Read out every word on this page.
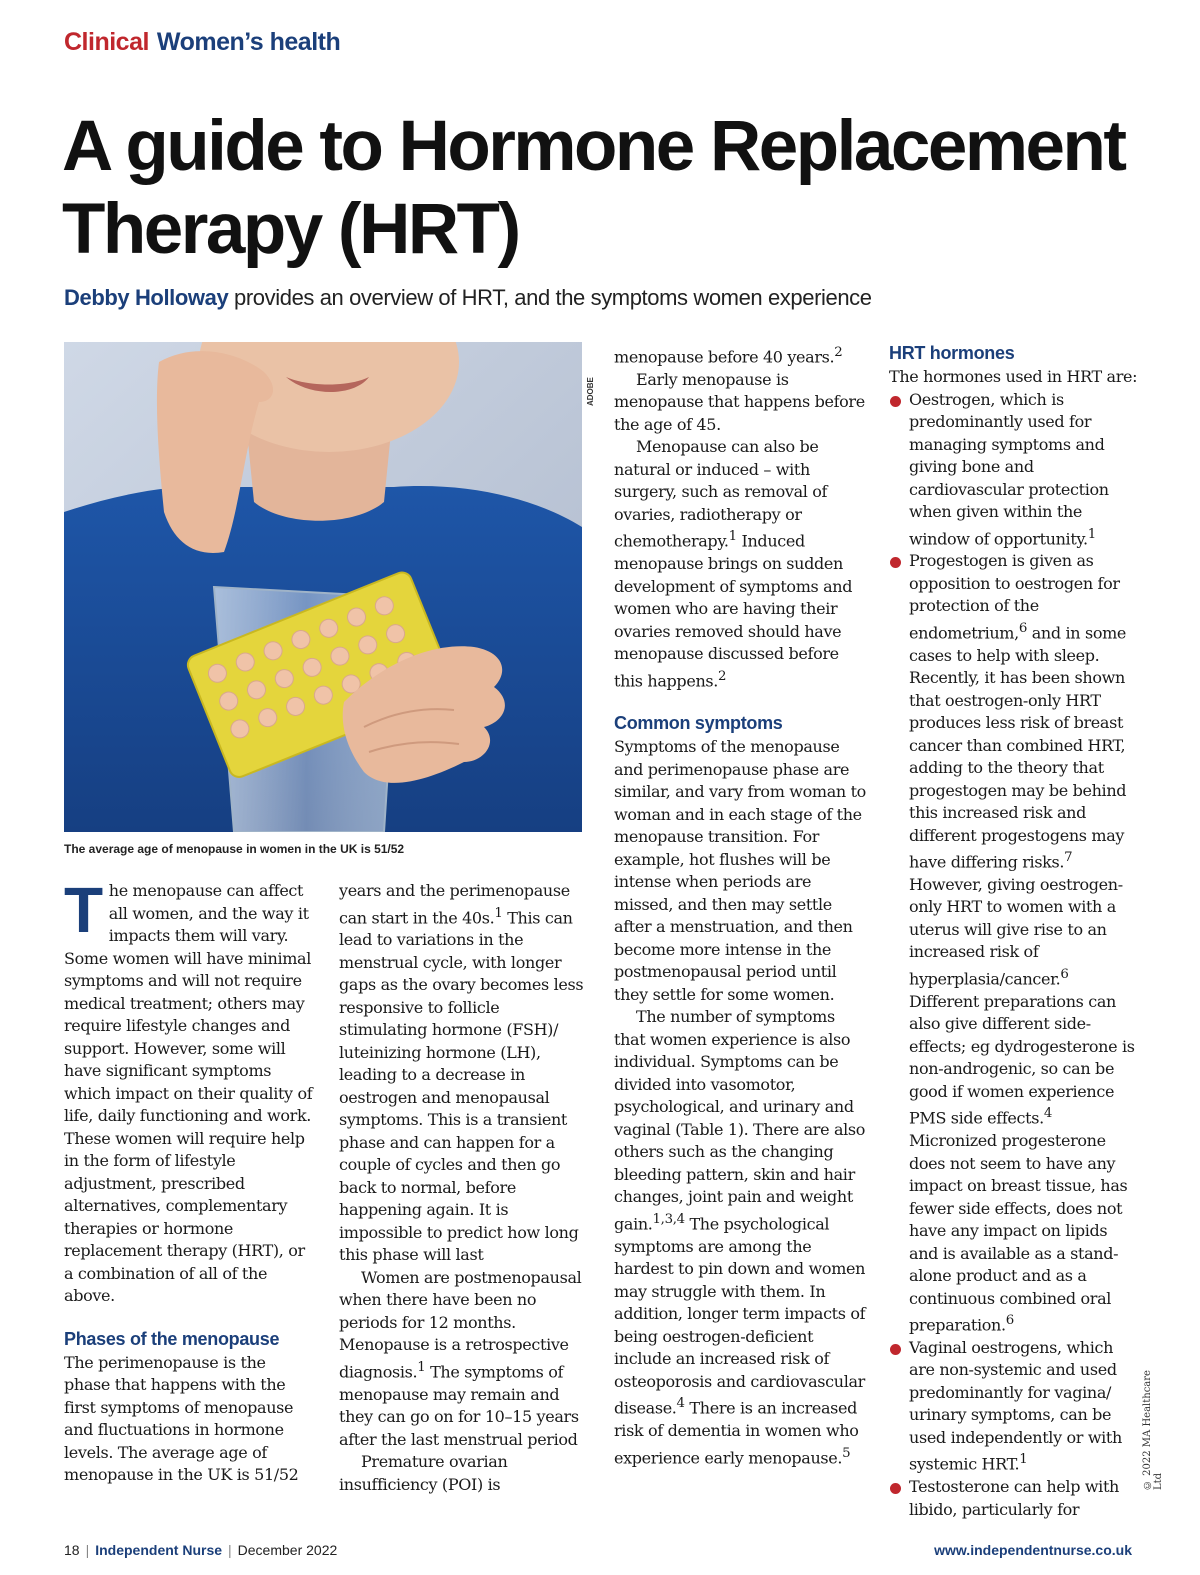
Clinical Women’s health
A guide to Hormone Replacement Therapy (HRT)
Debby Holloway provides an overview of HRT, and the symptoms women experience
ADOBE
The average age of menopause in women in the UK is 51/52

The menopause can affect all women, and the way it impacts them will vary. Some women will have minimal symptoms and will not require medical treatment; others may require lifestyle changes and support. However, some will have significant symptoms which impact on their quality of life, daily functioning and work. These women will require help in the form of lifestyle adjustment, prescribed alternatives, complementary therapies or hormone replacement therapy (HRT), or a combination of all of the above.

Phases of the menopause

The perimenopause is the phase that happens with the first symptoms of menopause and fluctuations in hormone levels. The average age of menopause in the UK is 51/52

years and the perimenopause can start in the 40s.$^1$ This can lead to variations in the menstrual cycle, with longer gaps as the ovary becomes less responsive to follicle stimulating hormone (FSH)/ luteinizing hormone (LH), leading to a decrease in oestrogen and menopausal symptoms. This is a transient phase and can happen for a couple of cycles and then go back to normal, before happening again. It is impossible to predict how long this phase will last

Women are postmenopausal when there have been no periods for 12 months. Menopause is a retrospective diagnosis.$^1$ The symptoms of menopause may remain and they can go on for 10–15 years after the last menstrual period

Premature ovarian insufficiency (POI) is

menopause before 40 years.$^2$

Early menopause is menopause that happens before the age of 45.

Menopause can also be natural or induced – with surgery, such as removal of ovaries, radiotherapy or chemotherapy.$^1$ Induced menopause brings on sudden development of symptoms and women who are having their ovaries removed should have menopause discussed before this happens.$^2$

Common symptoms

Symptoms of the menopause and perimenopause phase are similar, and vary from woman to woman and in each stage of the menopause transition. For example, hot flushes will be intense when periods are missed, and then may settle after a menstruation, and then become more intense in the postmenopausal period until they settle for some women.

The number of symptoms that women experience is also individual. Symptoms can be divided into vasomotor, psychological, and urinary and vaginal (Table 1). There are also others such as the changing bleeding pattern, skin and hair changes, joint pain and weight gain.$^{1,3,4}$ The psychological symptoms are among the hardest to pin down and women may struggle with them. In addition, longer term impacts of being oestrogen-deficient include an increased risk of osteoporosis and cardiovascular disease.$^4$ There is an increased risk of dementia in women who experience early menopause.$^5$

HRT hormones

The hormones used in HRT are:

Oestrogen, which is predominantly used for managing symptoms and giving bone and cardiovascular protection when given within the window of opportunity.$^1$
Progestogen is given as opposition to oestrogen for protection of the endometrium,$^6$ and in some cases to help with sleep. Recently, it has been shown that oestrogen-only HRT produces less risk of breast cancer than combined HRT, adding to the theory that progestogen may be behind this increased risk and different progestogens may have differing risks.$^7$ However, giving oestrogen-only HRT to women with a uterus will give rise to an increased risk of hyperplasia/cancer.$^6$ Different preparations can also give different side-effects; eg dydrogesterone is non-androgenic, so can be good if women experience PMS side effects.$^4$ Micronized progesterone does not seem to have any impact on breast tissue, has fewer side effects, does not have any impact on lipids and is available as a stand-alone product and as a continuous combined oral preparation.$^6$
Vaginal oestrogens, which are non-systemic and used predominantly for vagina/ urinary symptoms, can be used independently or with systemic HRT.$^1$
Testosterone can help with libido, particularly for
© 2022 MA Healthcare Ltd
18 | Independent Nurse | December 2022	www.independentnurse.co.uk
